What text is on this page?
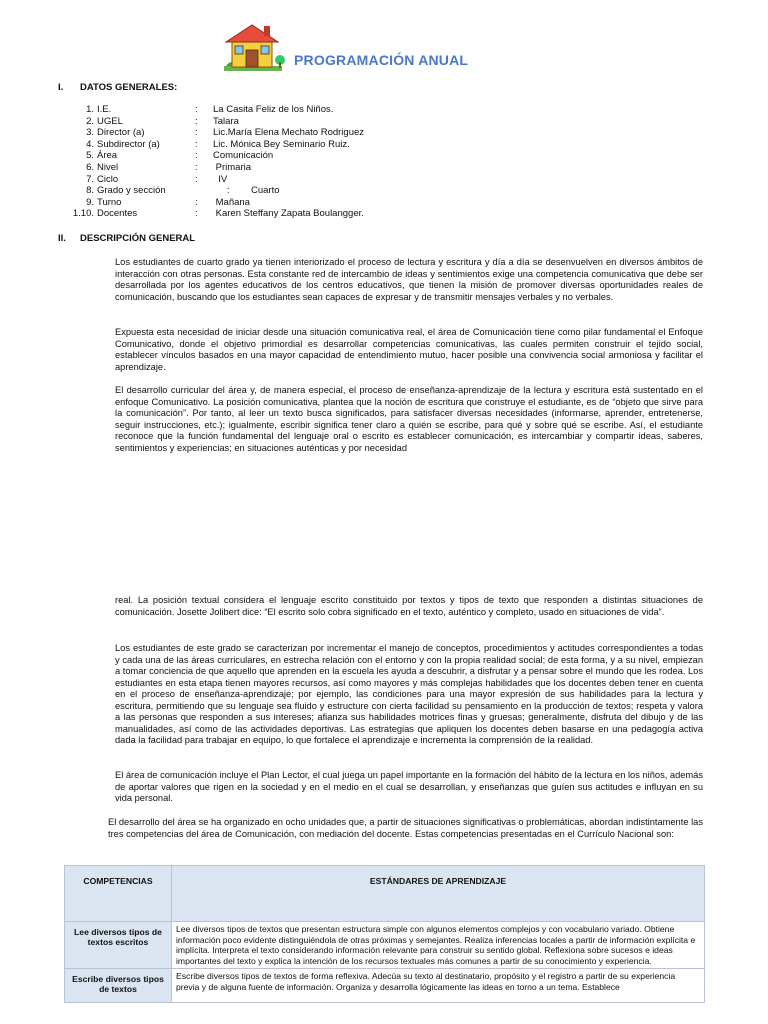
PROGRAMACIÓN ANUAL
I. DATOS GENERALES:
1. I.E.	: La Casita Feliz de los Niños.
2. UGEL	: Talara
3. Director (a)	: Lic.María Elena Mechato Rodriguez
4. Subdirector (a)	: Lic. Mónica Bey Seminario Ruiz.
5. Área	: Comunicación
6. Nivel	: Primaria
7. Ciclo	: IV
8. Grado y sección	: Cuarto
9. Turno	: Mañana
1.10. Docentes	: Karen Steffany Zapata Boulangger.
II. DESCRIPCIÓN GENERAL

Los estudiantes de cuarto grado ya tienen interiorizado el proceso de lectura y escritura y día a día se desenvuelven en diversos ámbitos de interacción con otras personas. Esta constante red de intercambio de ideas y sentimientos exige una competencia comunicativa que debe ser desarrollada por los agentes educativos de los centros educativos, que tienen la misión de promover diversas oportunidades reales de comunicación, buscando que los estudiantes sean capaces de expresar y de transmitir mensajes verbales y no verbales.

Expuesta esta necesidad de iniciar desde una situación comunicativa real, el área de Comunicación tiene como pilar fundamental el Enfoque Comunicativo, donde el objetivo primordial es desarrollar competencias comunicativas, las cuales permiten construir el tejido social, establecer vínculos basados en una mayor capacidad de entendimiento mutuo, hacer posible una convivencia social armoniosa y facilitar el aprendizaje.

El desarrollo curricular del área y, de manera especial, el proceso de enseñanza-aprendizaje de la lectura y escritura está sustentado en el enfoque Comunicativo. La posición comunicativa, plantea que la noción de escritura que construye el estudiante, es de “objeto que sirve para la comunicación”. Por tanto, al leer un texto busca significados, para satisfacer diversas necesidades (informarse, aprender, entretenerse, seguir instrucciones, etc.); igualmente, escribir significa tener claro a quién se escribe, para qué y sobre qué se escribe. Así, el estudiante reconoce que la función fundamental del lenguaje oral o escrito es establecer comunicación, es intercambiar y compartir ideas, saberes, sentimientos y experiencias; en situaciones auténticas y por necesidad

real. La posición textual considera el lenguaje escrito constituido por textos y tipos de texto que responden a distintas situaciones de comunicación. Josette Jolibert dice: “El escrito solo cobra significado en el texto, auténtico y completo, usado en situaciones de vida”.

Los estudiantes de este grado se caracterizan por incrementar el manejo de conceptos, procedimientos y actitudes correspondientes a todas y cada una de las áreas curriculares, en estrecha relación con el entorno y con la propia realidad social; de esta forma, y a su nivel, empiezan a tomar conciencia de que aquello que aprenden en la escuela les ayuda a descubrir, a disfrutar y a pensar sobre el mundo que les rodea. Los estudiantes en esta etapa tienen mayores recursos, así como mayores y más complejas habilidades que los docentes deben tener en cuenta en el proceso de enseñanza-aprendizaje; por ejemplo, las condiciones para una mayor expresión de sus habilidades para la lectura y escritura, permitiendo que su lenguaje sea fluido y estructure con cierta facilidad su pensamiento en la producción de textos; respeta y valora a las personas que responden a sus intereses; afianza sus habilidades motrices finas y gruesas; generalmente, disfruta del dibujo y de las manualidades, así como de las actividades deportivas. Las estrategias que apliquen los docentes deben basarse en una pedagogía activa dada la facilidad para trabajar en equipo, lo que fortalece el aprendizaje e incrementa la comprensión de la realidad.

El área de comunicación incluye el Plan Lector, el cual juega un papel importante en la formación del hábito de la lectura en los niños, además de aportar valores que rigen en la sociedad y en el medio en el cual se desarrollan, y enseñanzas que guíen sus actitudes e influyan en su vida personal.

El desarrollo del área se ha organizado en ocho unidades que, a partir de situaciones significativas o problemáticas, abordan indistintamente las tres competencias del área de Comunicación, con mediación del docente. Estas competencias presentadas en el Currículo Nacional son:

COMPETENCIAS	ESTÁNDARES DE APRENDIZAJE
Lee diversos tipos de textos escritos	Lee diversos tipos de textos que presentan estructura simple con algunos elementos complejos y con vocabulario variado. Obtiene información poco evidente distinguiéndola de otras próximas y semejantes. Realiza inferencias locales a partir de información explícita e implícita. Interpreta el texto considerando información relevante para construir su sentido global. Reflexiona sobre sucesos e ideas importantes del texto y explica la intención de los recursos textuales más comunes a partir de su conocimiento y experiencia.
Escribe diversos tipos de textos	Escribe diversos tipos de textos de forma reflexiva. Adecúa su texto al destinatario, propósito y el registro a partir de su experiencia previa y de alguna fuente de información. Organiza y desarrolla lógicamente las ideas en torno a un tema. Establece
